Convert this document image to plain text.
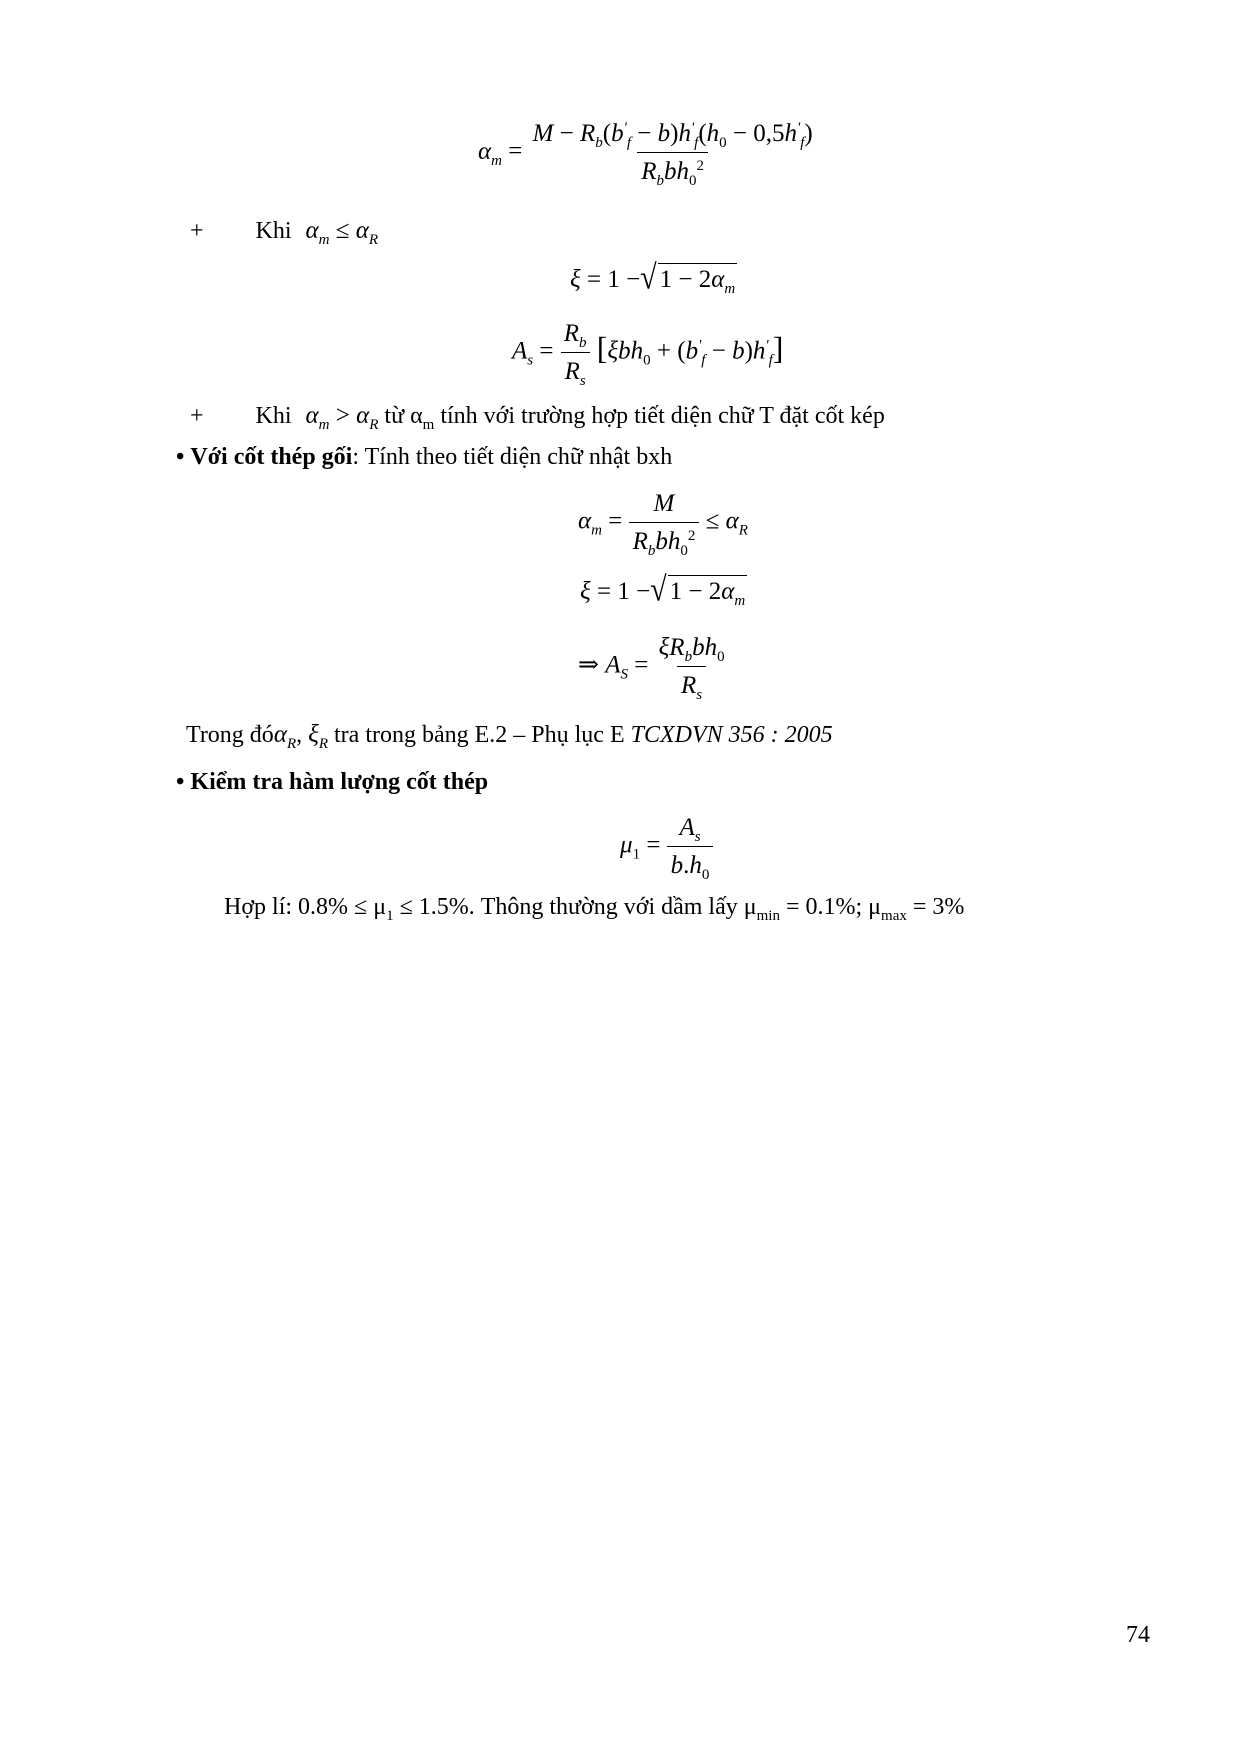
$\alpha_m = \frac{M - R_b(b'_f - b)h'_f(h_0 - 0,5h'_f)}{R_bbh_0^2}$
+ Khi $\alpha_m \le \alpha_R$
ξ = 1 −√ $1 - 2\alpha_m$
$A_s = \frac{R_b}{R_s} [\xi bh_0 + (b'_f - b)h'_f]$
+ Khi $\alpha_m > \alpha_R$ từ $\alpha_m$ tính với trường hợp tiết diện chữ T đặt cốt kép
• Với cốt thép gối: Tính theo tiết diện chữ nhật bxh
$\alpha_m = \frac{M}{R_bbh_0^2} \le \alpha_R$
ξ = 1 −√ $1 - 2\alpha_m$
⇒ $A_S = \frac{\xi R_bbh_0}{R_s}$
Trong đóα$_R$, $\xi_R$ tra trong bảng E.2 – Phụ lục E TCXDVN 356 : 2005
• Kiểm tra hàm lượng cốt thép
$\mu_1 = \frac{A_s}{b.h_0}$
Hợp lí: $0.8\% \le \mu_1 \le 1.5\%$. Thông thường với dầm lấy $\mu_{min} = 0.1\%$; $\mu_{max} = 3\%$
74
